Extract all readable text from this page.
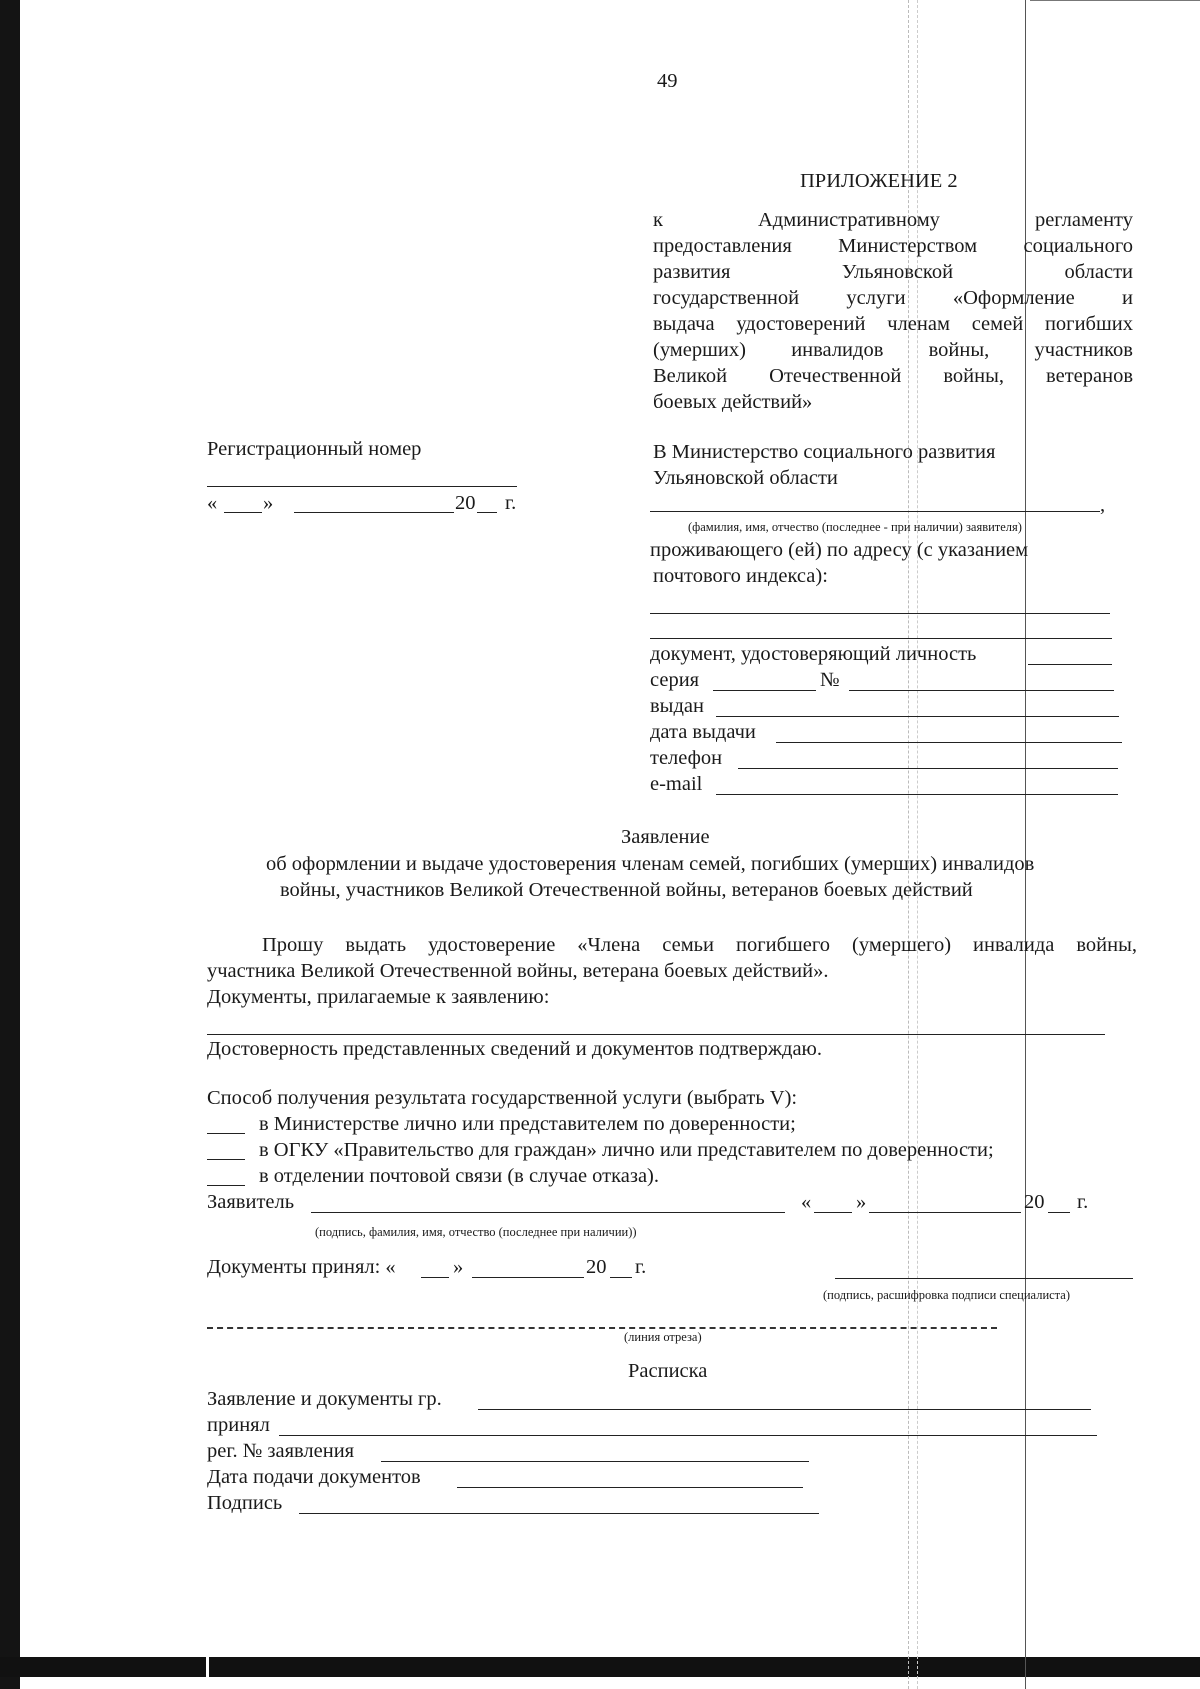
49
ПРИЛОЖЕНИЕ 2
к Административному регламенту
предоставления Министерством социального
развития Ульяновской области
государственной услуги «Оформление и
выдача удостоверений членам семей погибших
(умерших) инвалидов войны, участников
Великой Отечественной войны, ветеранов
боевых действий»
Регистрационный номер
« »	20 г.
В Министерство социального развития
Ульяновской области
,
(фамилия, имя, отчество (последнее - при наличии) заявителя)
проживающего (ей) по адресу (с указанием
почтового индекса):
документ, удостоверяющий личность
серия	№
выдан
дата выдачи
телефон
e-mail
Заявление
об оформлении и выдаче удостоверения членам семей, погибших (умерших) инвалидов
войны, участников Великой Отечественной войны, ветеранов боевых действий
Прошу выдать удостоверение «Члена семьи погибшего (умершего) инвалида войны,
участника Великой Отечественной войны, ветерана боевых действий».
Документы, прилагаемые к заявлению:
Достоверность представленных сведений и документов подтверждаю.
Способ получения результата государственной услуги (выбрать V):
в Министерстве лично или представителем по доверенности;
в ОГКУ «Правительство для граждан» лично или представителем по доверенности;
в отделении почтовой связи (в случае отказа).
Заявитель	« »	20 г.
(подпись, фамилия, имя, отчество (последнее при наличии))
Документы принял: «	»	20 г.
(подпись, расшифровка подписи специалиста)
(линия отреза)
Расписка
Заявление и документы гр.
принял
рег. № заявления
Дата подачи документов
Подпись
